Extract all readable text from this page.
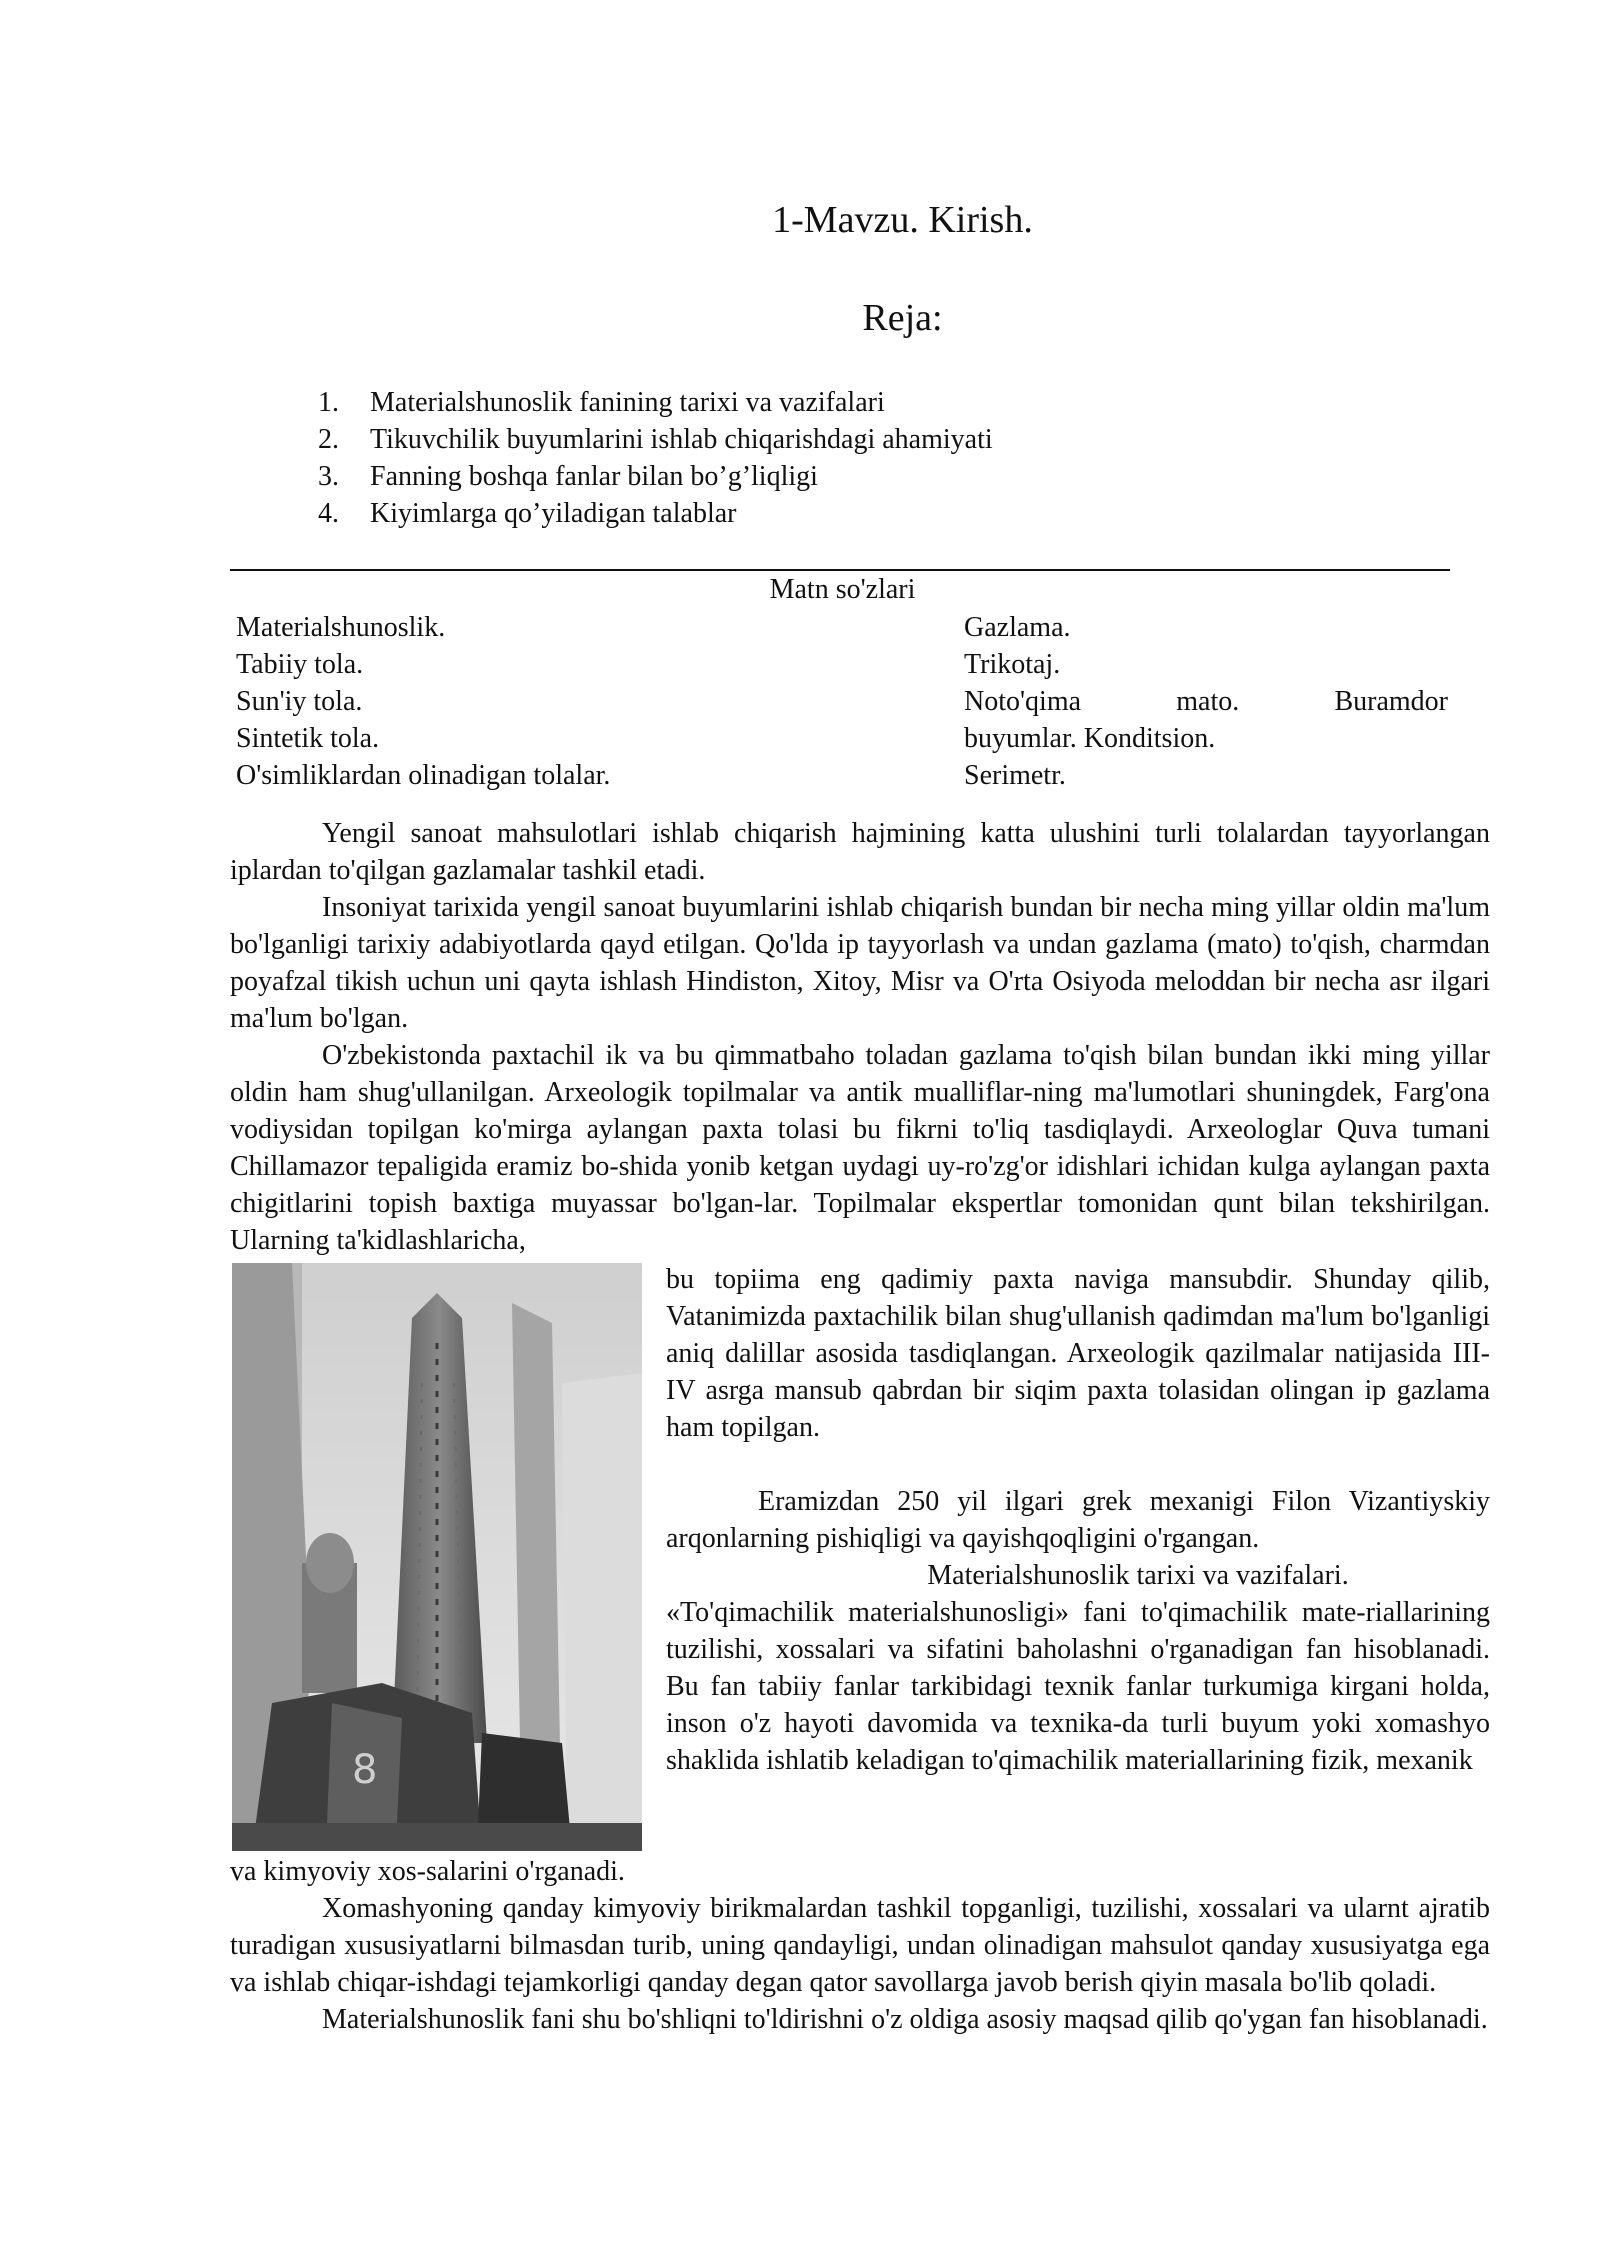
1-Mavzu. Kirish.
Reja:
1. Materialshunoslik fanining tarixi va vazifalari
2. Tikuvchilik buyumlarini ishlab chiqarishdagi ahamiyati
3. Fanning boshqa fanlar bilan bo’g’liqligi
4. Kiyimlarga qo’yiladigan talablar
Matn so'zlari
Materialshunoslik.
Tabiiy tola.
Sun'iy tola.
Sintetik tola.
O'simliklardan olinadigan tolalar.
Gazlama.
Trikotaj.
Noto'qima mato. Buramdor
buyumlar. Konditsion.
Serimetr.

Yengil sanoat mahsulotlari ishlab chiqarish hajmining katta ulushini turli tolalardan tayyorlangan iplardan to'qilgan gazlamalar tashkil etadi.

Insoniyat tarixida yengil sanoat buyumlarini ishlab chiqarish bundan bir necha ming yillar oldin ma'lum bo'lganligi tarixiy adabiyotlarda qayd etilgan. Qo'lda ip tayyorlash va undan gazlama (mato) to'qish, charmdan poyafzal tikish uchun uni qayta ishlash Hindiston, Xitoy, Misr va O'rta Osiyoda meloddan bir necha asr ilgari ma'lum bo'lgan.

O'zbekistonda paxtachil ik va bu qimmatbaho toladan gazlama to'qish bilan bundan ikki ming yillar oldin ham shug'ullanilgan. Arxeologik topilmalar va antik mualliflar-ning ma'lumotlari shuningdek, Farg'ona vodiysidan topilgan ko'mirga aylangan paxta tolasi bu fikrni to'liq tasdiqlaydi. Arxeologlar Quva tumani Chillamazor tepaligida eramiz bo-shida yonib ketgan uydagi uy-ro'zg'or idishlari ichidan kulga aylangan paxta chigitlarini topish baxtiga muyassar bo'lgan-lar. Topilmalar ekspertlar tomonidan qunt bilan tekshirilgan. Ularning ta'kidlashlaricha,

8

bu topiima eng qadimiy paxta naviga mansubdir. Shunday qilib, Vatanimizda paxtachilik bilan shug'ullanish qadimdan ma'lum bo'lganligi aniq dalillar asosida tasdiqlangan. Arxeologik qazilmalar natijasida III-IV asrga mansub qabrdan bir siqim paxta tolasidan olingan ip gazlama ham topilgan.

Eramizdan 250 yil ilgari grek mexanigi Filon Vizantiyskiy arqonlarning pishiqligi va qayishqoqligini o'rgangan.

Materialshunoslik tarixi va vazifalari.

«To'qimachilik materialshunosligi» fani to'qimachilik mate-riallarining tuzilishi, xossalari va sifatini baholashni o'rganadigan fan hisoblanadi. Bu fan tabiiy fanlar tarkibidagi texnik fanlar turkumiga kirgani holda, inson o'z hayoti davomida va texnika-da turli buyum yoki xomashyo shaklida ishlatib keladigan to'qimachilik materiallarining fizik, mexanik

va kimyoviy xos-salarini o'rganadi.

Xomashyoning qanday kimyoviy birikmalardan tashkil topganligi, tuzilishi, xossalari va ularnt ajratib turadigan xususiyatlarni bilmasdan turib, uning qandayligi, undan olinadigan mahsulot qanday xususiyatga ega va ishlab chiqar-ishdagi tejamkorligi qanday degan qator savollarga javob berish qiyin masala bo'lib qoladi.

Materialshunoslik fani shu bo'shliqni to'ldirishni o'z oldiga asosiy maqsad qilib qo'ygan fan hisoblanadi.
